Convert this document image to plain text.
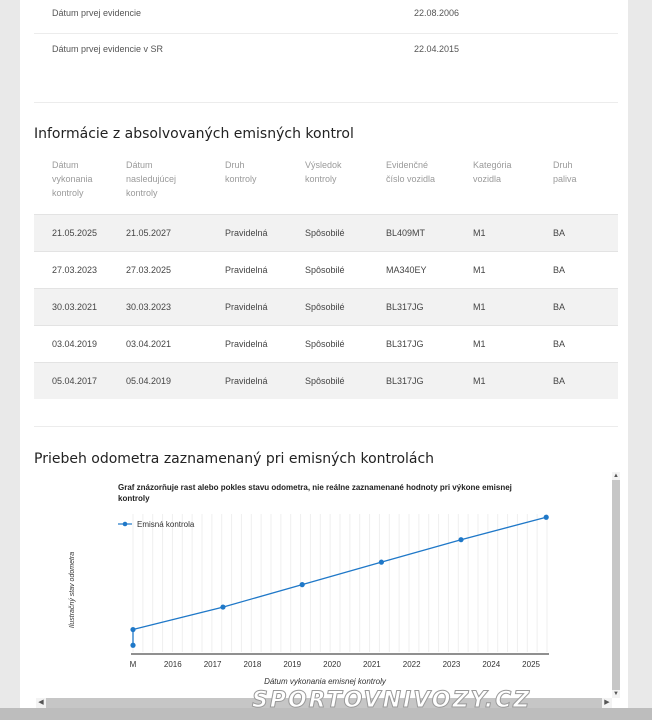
Dátum prvej evidencie	22.08.2006
Dátum prvej evidencie v SR	22.04.2015
Informácie z absolvovaných emisných kontrol
Dátum
vykonania
kontroly	Dátum
nasledujúcej
kontroly	Druh
kontroly	Výsledok
kontroly	Evidenčné
číslo vozidla	Kategória
vozidla	Druh
paliva
21.05.2025	21.05.2027	Pravidelná	Spôsobilé	BL409MT	M1	BA
27.03.2023	27.03.2025	Pravidelná	Spôsobilé	MA340EY	M1	BA
30.03.2021	30.03.2023	Pravidelná	Spôsobilé	BL317JG	M1	BA
03.04.2019	03.04.2021	Pravidelná	Spôsobilé	BL317JG	M1	BA
05.04.2017	05.04.2019	Pravidelná	Spôsobilé	BL317JG	M1	BA
Priebeh odometra zaznamenaný pri emisných kontrolách
Graf znázorňuje rast alebo pokles stavu odometra, nie reálne zaznamenané hodnoty pri výkone emisnej
kontroly
Emisná kontrola
M	2016	2017	2018	2019	2020	2021	2022	2023	2024	2025
Dátum vykonania emisnej kontroly
Ilustračný stav odometra
▲
▼
◀	▶
SPORTOVNIVOZY.CZ
